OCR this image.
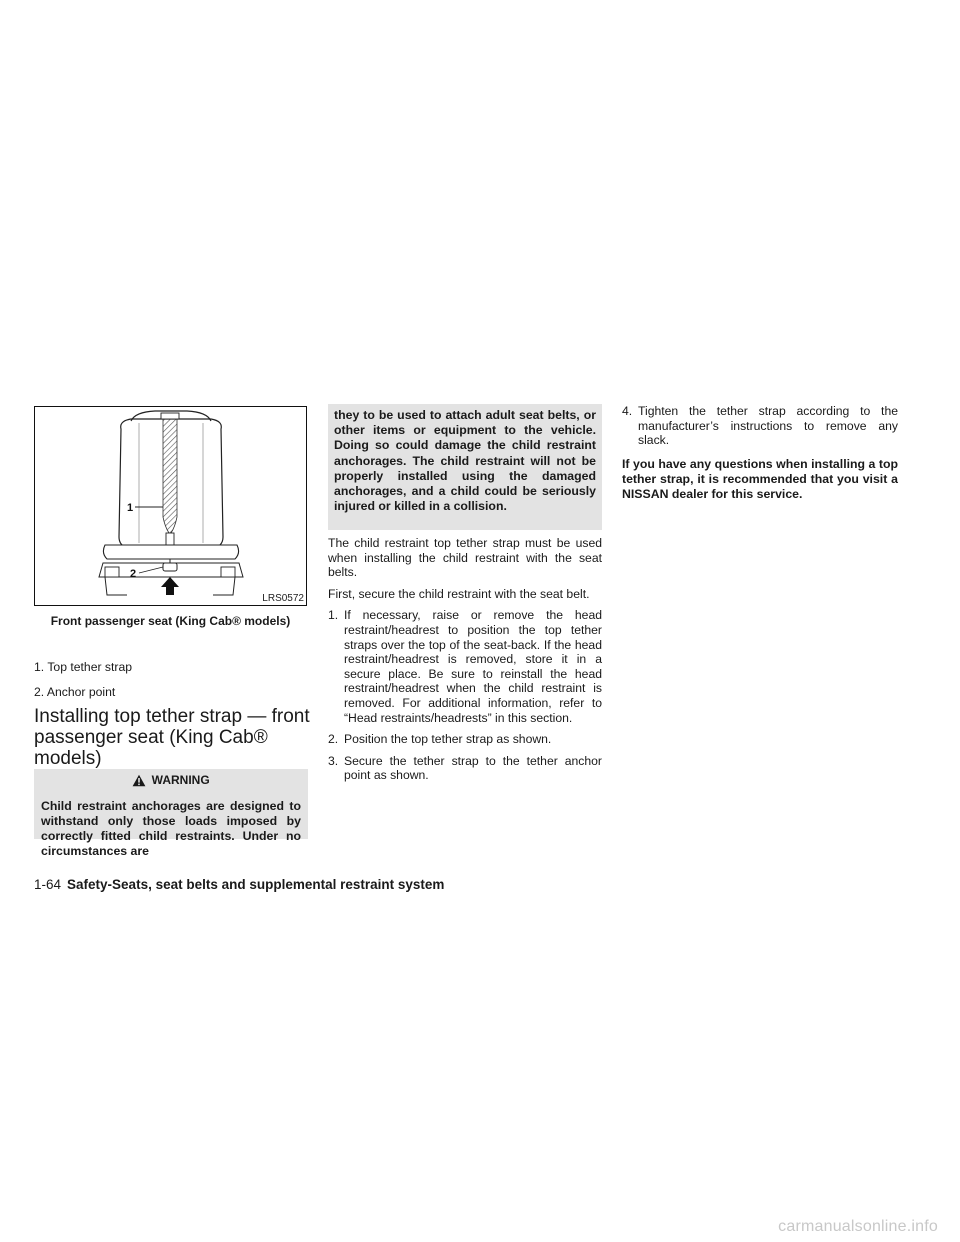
1
2
LRS0572
Front passenger seat (King Cab® models)

1. Top tether strap

2. Anchor point

Installing top tether strap — front passenger seat (King Cab® models)
WARNING
Child restraint anchorages are designed to withstand only those loads imposed by correctly fitted child restraints. Under no circumstances are
they to be used to attach adult seat belts, or other items or equipment to the vehicle. Doing so could damage the child restraint anchorages. The child restraint will not be properly installed using the damaged anchorages, and a child could be seriously injured or killed in a collision.

The child restraint top tether strap must be used when installing the child restraint with the seat belts.

First, secure the child restraint with the seat belt.

1. If necessary, raise or remove the head restraint/headrest to position the top tether straps over the top of the seat-back. If the head restraint/headrest is removed, store it in a secure place. Be sure to reinstall the head restraint/headrest when the child restraint is removed. For additional information, refer to “Head restraints/headrests” in this section.
2. Position the top tether strap as shown.
3. Secure the tether strap to the tether anchor point as shown.
4. Tighten the tether strap according to the manufacturer’s instructions to remove any slack.

If you have any questions when installing a top tether strap, it is recommended that you visit a NISSAN dealer for this service.

1-64 Safety-Seats, seat belts and supplemental restraint system
carmanualsonline.info
